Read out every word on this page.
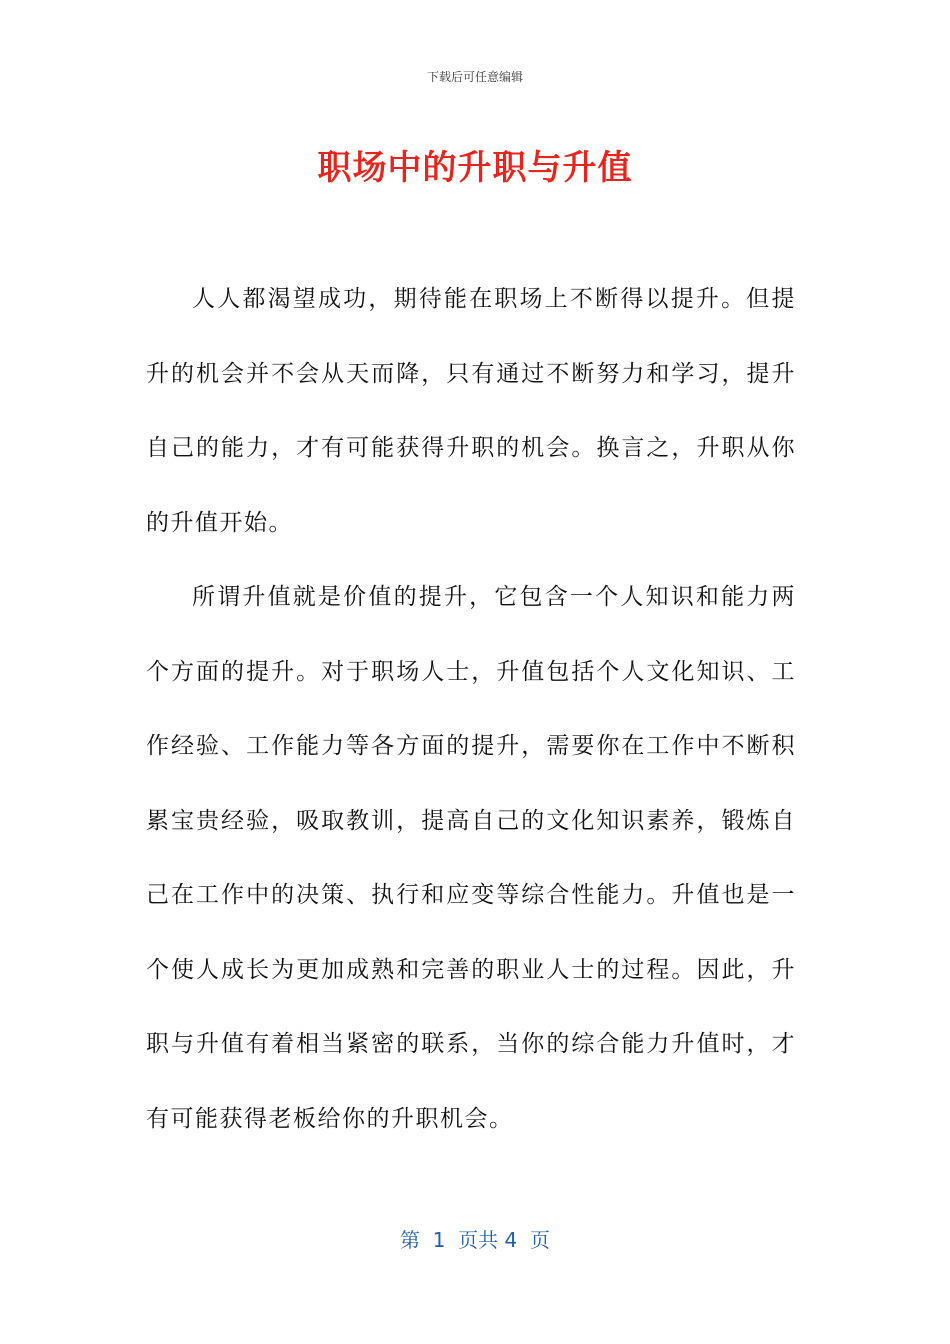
下载后可任意编辑
职场中的升职与升值

人人都渴望成功，期待能在职场上不断得以提升。但提升的机会并不会从天而降，只有通过不断努力和学习，提升自己的能力，才有可能获得升职的机会。换言之，升职从你的升值开始。

所谓升值就是价值的提升，它包含一个人知识和能力两个方面的提升。对于职场人士，升值包括个人文化知识、工作经验、工作能力等各方面的提升，需要你在工作中不断积累宝贵经验，吸取教训，提高自己的文化知识素养，锻炼自己在工作中的决策、执行和应变等综合性能力。升值也是一个使人成长为更加成熟和完善的职业人士的过程。因此，升职与升值有着相当紧密的联系，当你的综合能力升值时，才有可能获得老板给你的升职机会。

第  1  页共 4  页
